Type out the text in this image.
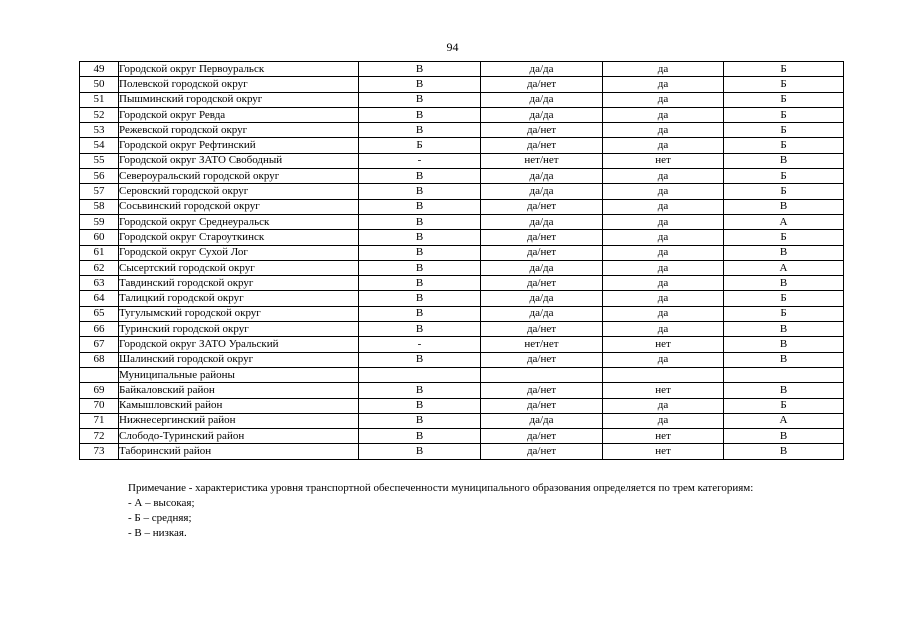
94
49	Городской округ Первоуральск	В	да/да	да	Б
50	Полевской городской округ	В	да/нет	да	Б
51	Пышминский городской округ	В	да/да	да	Б
52	Городской округ Ревда	В	да/да	да	Б
53	Режевской городской округ	В	да/нет	да	Б
54	Городской округ Рефтинский	Б	да/нет	да	Б
55	Городской округ ЗАТО Свободный	-	нет/нет	нет	В
56	Североуральский городской округ	В	да/да	да	Б
57	Серовский городской округ	В	да/да	да	Б
58	Сосьвинский городской округ	В	да/нет	да	В
59	Городской округ Среднеуральск	В	да/да	да	А
60	Городской округ Староуткинск	В	да/нет	да	Б
61	Городской округ Сухой Лог	В	да/нет	да	В
62	Сысертский городской округ	В	да/да	да	А
63	Тавдинский городской округ	В	да/нет	да	В
64	Талицкий городской округ	В	да/да	да	Б
65	Тугулымский городской округ	В	да/да	да	Б
66	Туринский городской округ	В	да/нет	да	В
67	Городской округ ЗАТО Уральский	-	нет/нет	нет	В
68	Шалинский городской округ	В	да/нет	да	В
	Муниципальные районы				
69	Байкаловский район	В	да/нет	нет	В
70	Камышловский район	В	да/нет	да	Б
71	Нижнесергинский район	В	да/да	да	А
72	Слободо-Туринский район	В	да/нет	нет	В
73	Таборинский район	В	да/нет	нет	В
Примечание - характеристика уровня транспортной обеспеченности муниципального образования определяется по трем категориям:
- А – высокая;
- Б – средняя;
- В – низкая.
